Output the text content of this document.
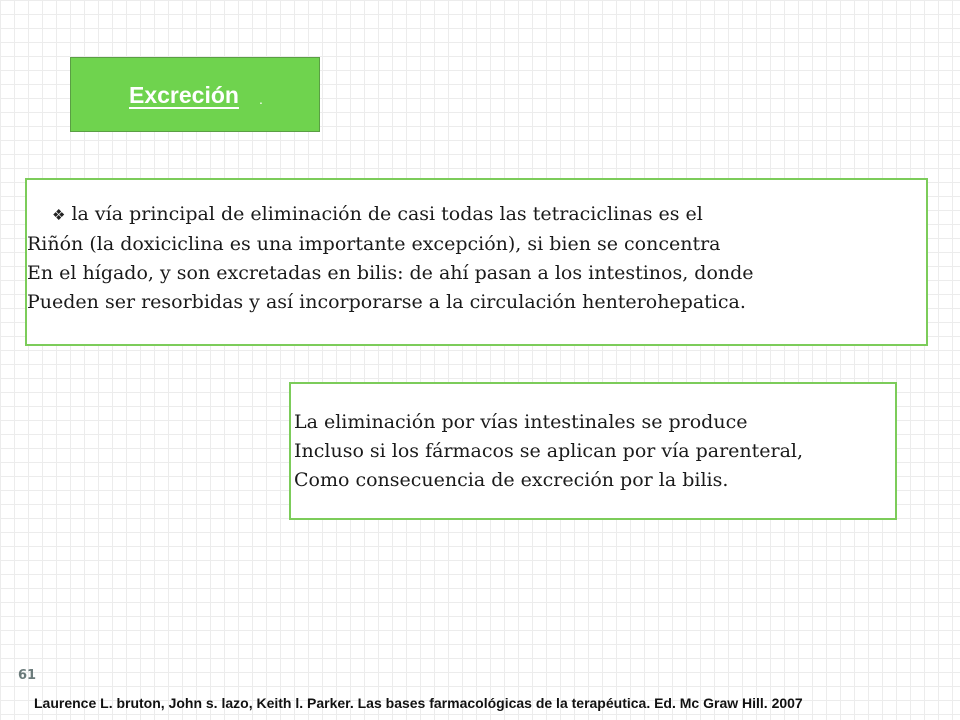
Excreción .
❖ la vía principal de eliminación de casi todas las tetraciclinas es el
Riñón (la doxiciclina es una importante excepción), si bien se concentra
En el hígado, y son excretadas en bilis: de ahí pasan a los intestinos, donde
Pueden ser resorbidas y así incorporarse a la circulación henterohepatica.
La eliminación por vías intestinales se produce
Incluso si los fármacos se aplican por vía parenteral,
Como consecuencia de excreción por la bilis.
61
Laurence L. bruton, John s. lazo, Keith l. Parker. Las bases farmacológicas de la terapéutica. Ed. Mc Graw Hill. 2007
